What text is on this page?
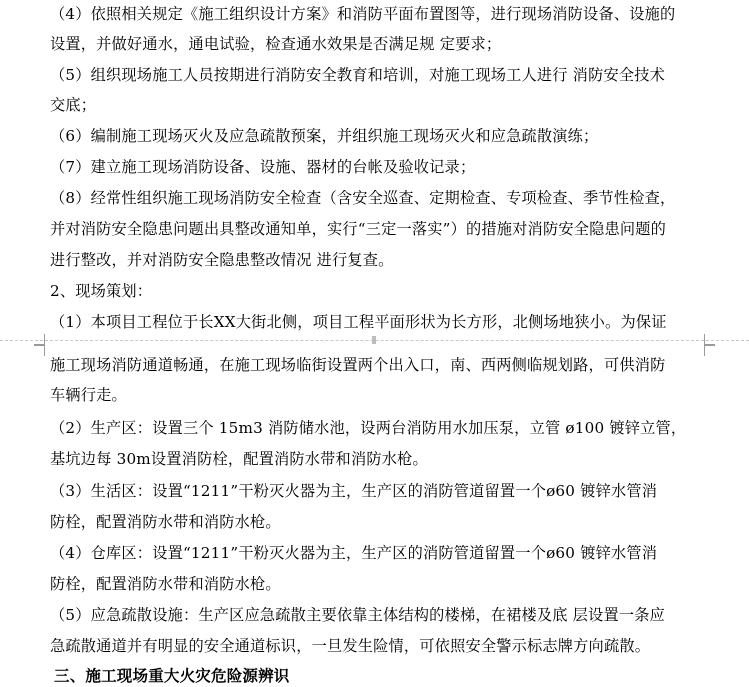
（4）依照相关规定《施工组织设计方案》和消防平面布置图等，进行现场消防设备、设施的
设置，并做好通水，通电试验，检查通水效果是否满足规 定要求；
（5）组织现场施工人员按期进行消防安全教育和培训，对施工现场工人进行 消防安全技术
交底；
（6）编制施工现场灭火及应急疏散预案，并组织施工现场灭火和应急疏散演练；
（7）建立施工现场消防设备、设施、器材的台帐及验收记录；
（8）经常性组织施工现场消防安全检查（含安全巡查、定期检查、专项检查、季节性检查，
并对消防安全隐患问题出具整改通知单，实行“三定一落实”）的措施对消防安全隐患问题的
进行整改，并对消防安全隐患整改情况 进行复查。
2、现场策划：
（1）本项目工程位于长XX大街北侧，项目工程平面形状为长方形，北侧场地狭小。为保证
施工现场消防通道畅通，在施工现场临街设置两个出入口，南、西两侧临规划路，可供消防
车辆行走。
（2）生产区：设置三个 15m3 消防储水池，设两台消防用水加压泵，立管 ø100 镀锌立管，
基坑边每 30m设置消防栓，配置消防水带和消防水枪。
（3）生活区：设置“1211”干粉灭火器为主，生产区的消防管道留置一个ø60 镀锌水管消
防栓，配置消防水带和消防水枪。
（4）仓库区：设置“1211”干粉灭火器为主，生产区的消防管道留置一个ø60 镀锌水管消
防栓，配置消防水带和消防水枪。
（5）应急疏散设施：生产区应急疏散主要依靠主体结构的楼梯，在裙楼及底 层设置一条应
急疏散通道并有明显的安全通道标识，一旦发生险情，可依照安全警示标志牌方向疏散。
三、施工现场重大火灾危险源辨识
